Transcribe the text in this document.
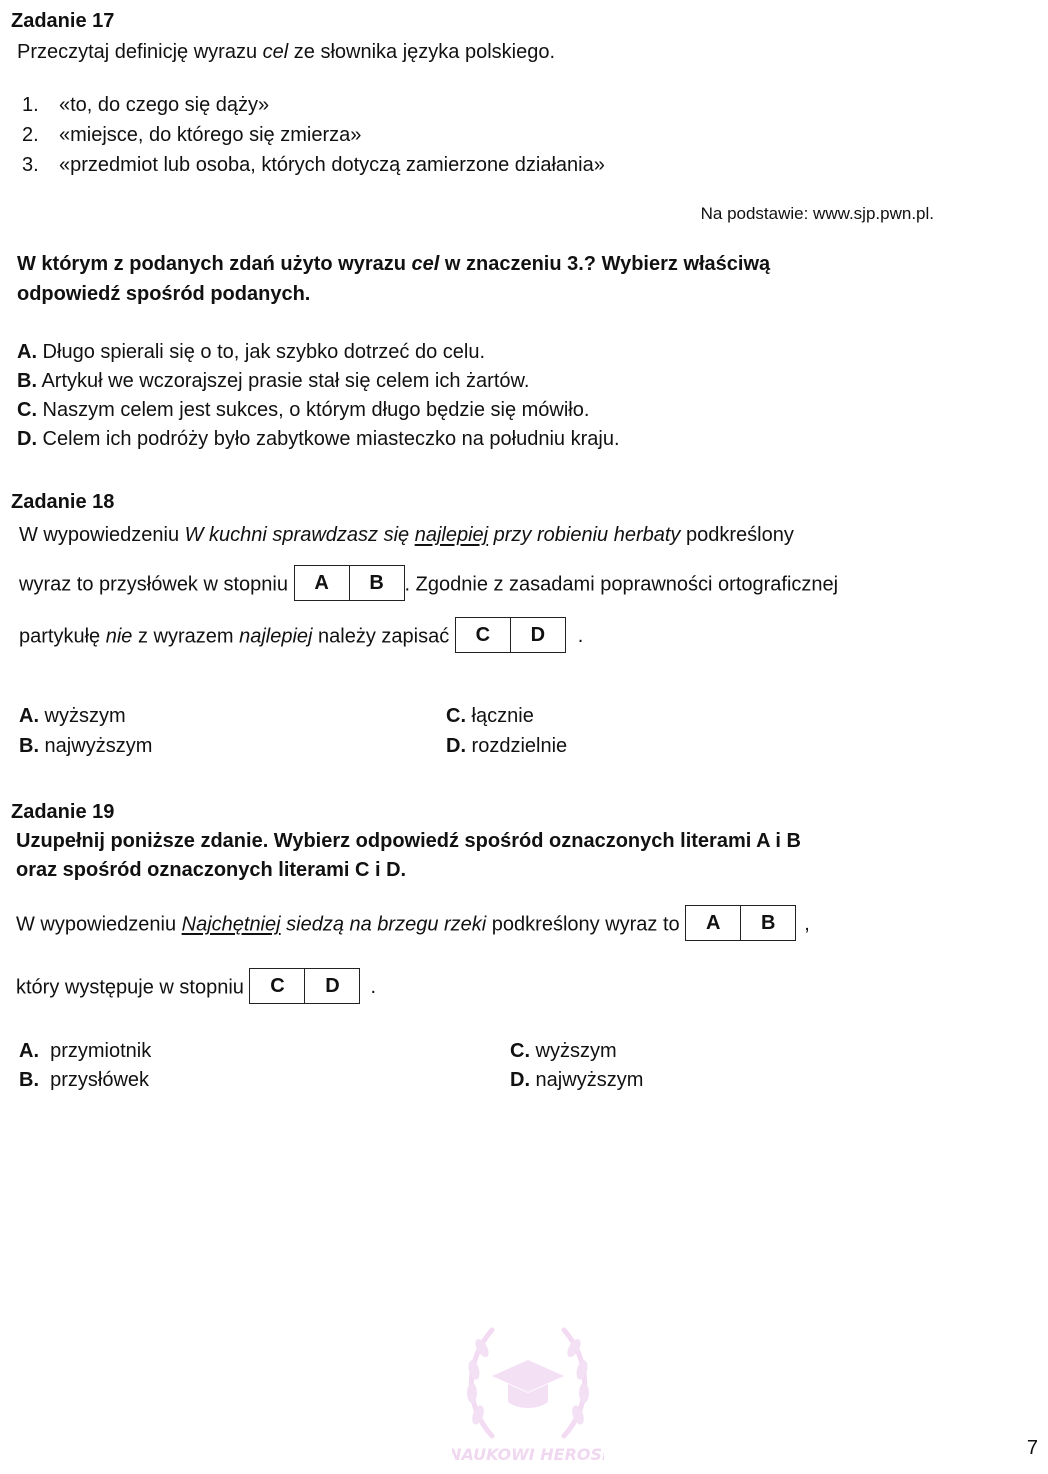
Zadanie 17
Przeczytaj definicję wyrazu cel ze słownika języka polskiego.
1. «to, do czego się dąży»
2. «miejsce, do którego się zmierza»
3. «przedmiot lub osoba, których dotyczą zamierzone działania»
Na podstawie: www.sjp.pwn.pl.
W którym z podanych zdań użyto wyrazu cel w znaczeniu 3.? Wybierz właściwą
odpowiedź spośród podanych.
A. Długo spierali się o to, jak szybko dotrzeć do celu.
B. Artykuł we wczorajszej prasie stał się celem ich żartów.
C. Naszym celem jest sukces, o którym długo będzie się mówiło.
D. Celem ich podróży było zabytkowe miasteczko na południu kraju.
Zadanie 18
W wypowiedzeniu W kuchni sprawdzasz się najlepiej przy robieniu herbaty podkreślony
wyraz to przysłówek w stopniu	A	B	. Zgodnie z zasadami poprawności ortograficznej
partykułę nie z wyrazem najlepiej należy zapisać	C	D	.
A. wyższym
B. najwyższym
C. łącznie
D. rozdzielnie
Zadanie 19
Uzupełnij poniższe zdanie. Wybierz odpowiedź spośród oznaczonych literami A i B
oraz spośród oznaczonych literami C i D.
W wypowiedzeniu Najchętniej siedzą na brzegu rzeki podkreślony wyraz to	A	B	,
który występuje w stopniu	C	D	.
A.  przymiotnik
B.  przysłówek
C. wyższym
D. najwyższym
NAUKOWI HEROSI	7
